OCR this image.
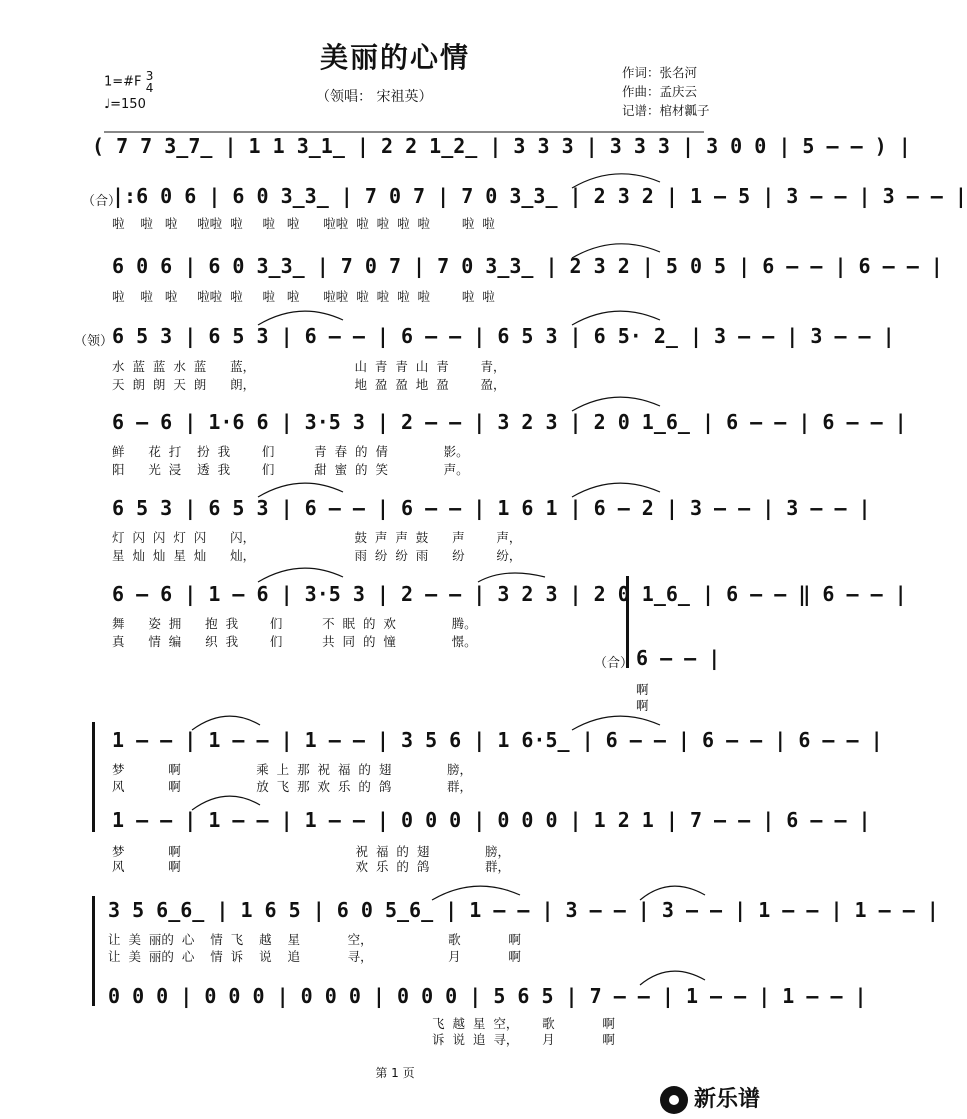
美丽的心情
（领唱： 宋祖英）
作词：张名河
作曲：孟庆云
记谱：棺材瓤子
1=#F 3
4
♩=150
( 7 7 3̲7̲ | 1 1 3̲1̲ | 2 2 1̲2̲ | 3 3 3 | 3 3 3 | 3 0 0 | 5 — — ) |
（合）
|:6 0 6 | 6 0 3̲3̲ | 7 0 7 | 7 0 3̲3̲ | 2 3 2 | 1 — 5 | 3 — — | 3 — — |
啦    啦   啦     啦啦  啦     啦   啦      啦啦  啦  啦  啦  啦        啦  啦
6 0 6 | 6 0 3̲3̲ | 7 0 7 | 7 0 3̲3̲ | 2 3 2 | 5 0 5 | 6 — — | 6 — — |
啦    啦   啦     啦啦  啦     啦   啦      啦啦  啦  啦  啦  啦        啦  啦
（领）
6 5 3 | 6 5 3 | 6 — — | 6 — — | 6 5 3 | 6 5· 2̲ | 3 — — | 3 — — |
水  蓝  蓝  水  蓝      蓝，                         山  青  青  山  青        青，
天  朗  朗  天  朗      朗，                         地  盈  盈  地  盈        盈，
6 — 6 | 1·6 6 | 3·5 3 | 2 — — | 3 2 3 | 2 0 1̲6̲ | 6 — — | 6 — — |
鲜      花  打    扮  我        们          青  春  的  倩              影。
阳      光  浸    透  我        们          甜  蜜  的  笑              声。
6 5 3 | 6 5 3 | 6 — — | 6 — — | 1 6 1 | 6 — 2 | 3 — — | 3 — — |
灯  闪  闪  灯  闪      闪，                         鼓  声  声  鼓      声        声，
星  灿  灿  星  灿      灿，                         雨  纷  纷  雨      纷        纷，
6 — 6 | 1 — 6 | 3·5 3 | 2 — — | 3 2 3 | 2 0 1̲6̲ | 6 — — ‖ 6 — — |
舞      姿  拥      抱  我        们          不  眠  的  欢              腾。
真      情  编      织  我        们          共  同  的  憧              憬。
（合） 6 — — |
啊
啊
1 — — | 1 — — | 1 — — | 3 5 6 | 1 6·5̲ | 6 — — | 6 — — | 6 — — |
梦           啊                   乘  上  那  祝  福  的  翅              膀，
风           啊                   放  飞  那  欢  乐  的  鸽              群，
1 — — | 1 — — | 1 — — | 0 0 0 | 0 0 0 | 1 2 1 | 7 — — | 6 — — |
梦           啊                                            祝  福  的  翅              膀，
风           啊                                            欢  乐  的  鸽              群，
3 5 6̲6̲ | 1 6 5 | 6 0 5̲6̲ | 1 — — | 3 — — | 3 — — | 1 — — | 1 — — |
让  美  丽的  心    情  飞    越    星            空，                   歌            啊
让  美  丽的  心    情  诉    说    追            寻，                   月            啊
0 0 0 | 0 0 0 | 0 0 0 | 0 0 0 | 5 6 5 | 7 — — | 1 — — | 1 — — |
飞  越  星  空，      歌            啊
诉  说  追  寻，      月            啊
第 1 页
新乐谱
